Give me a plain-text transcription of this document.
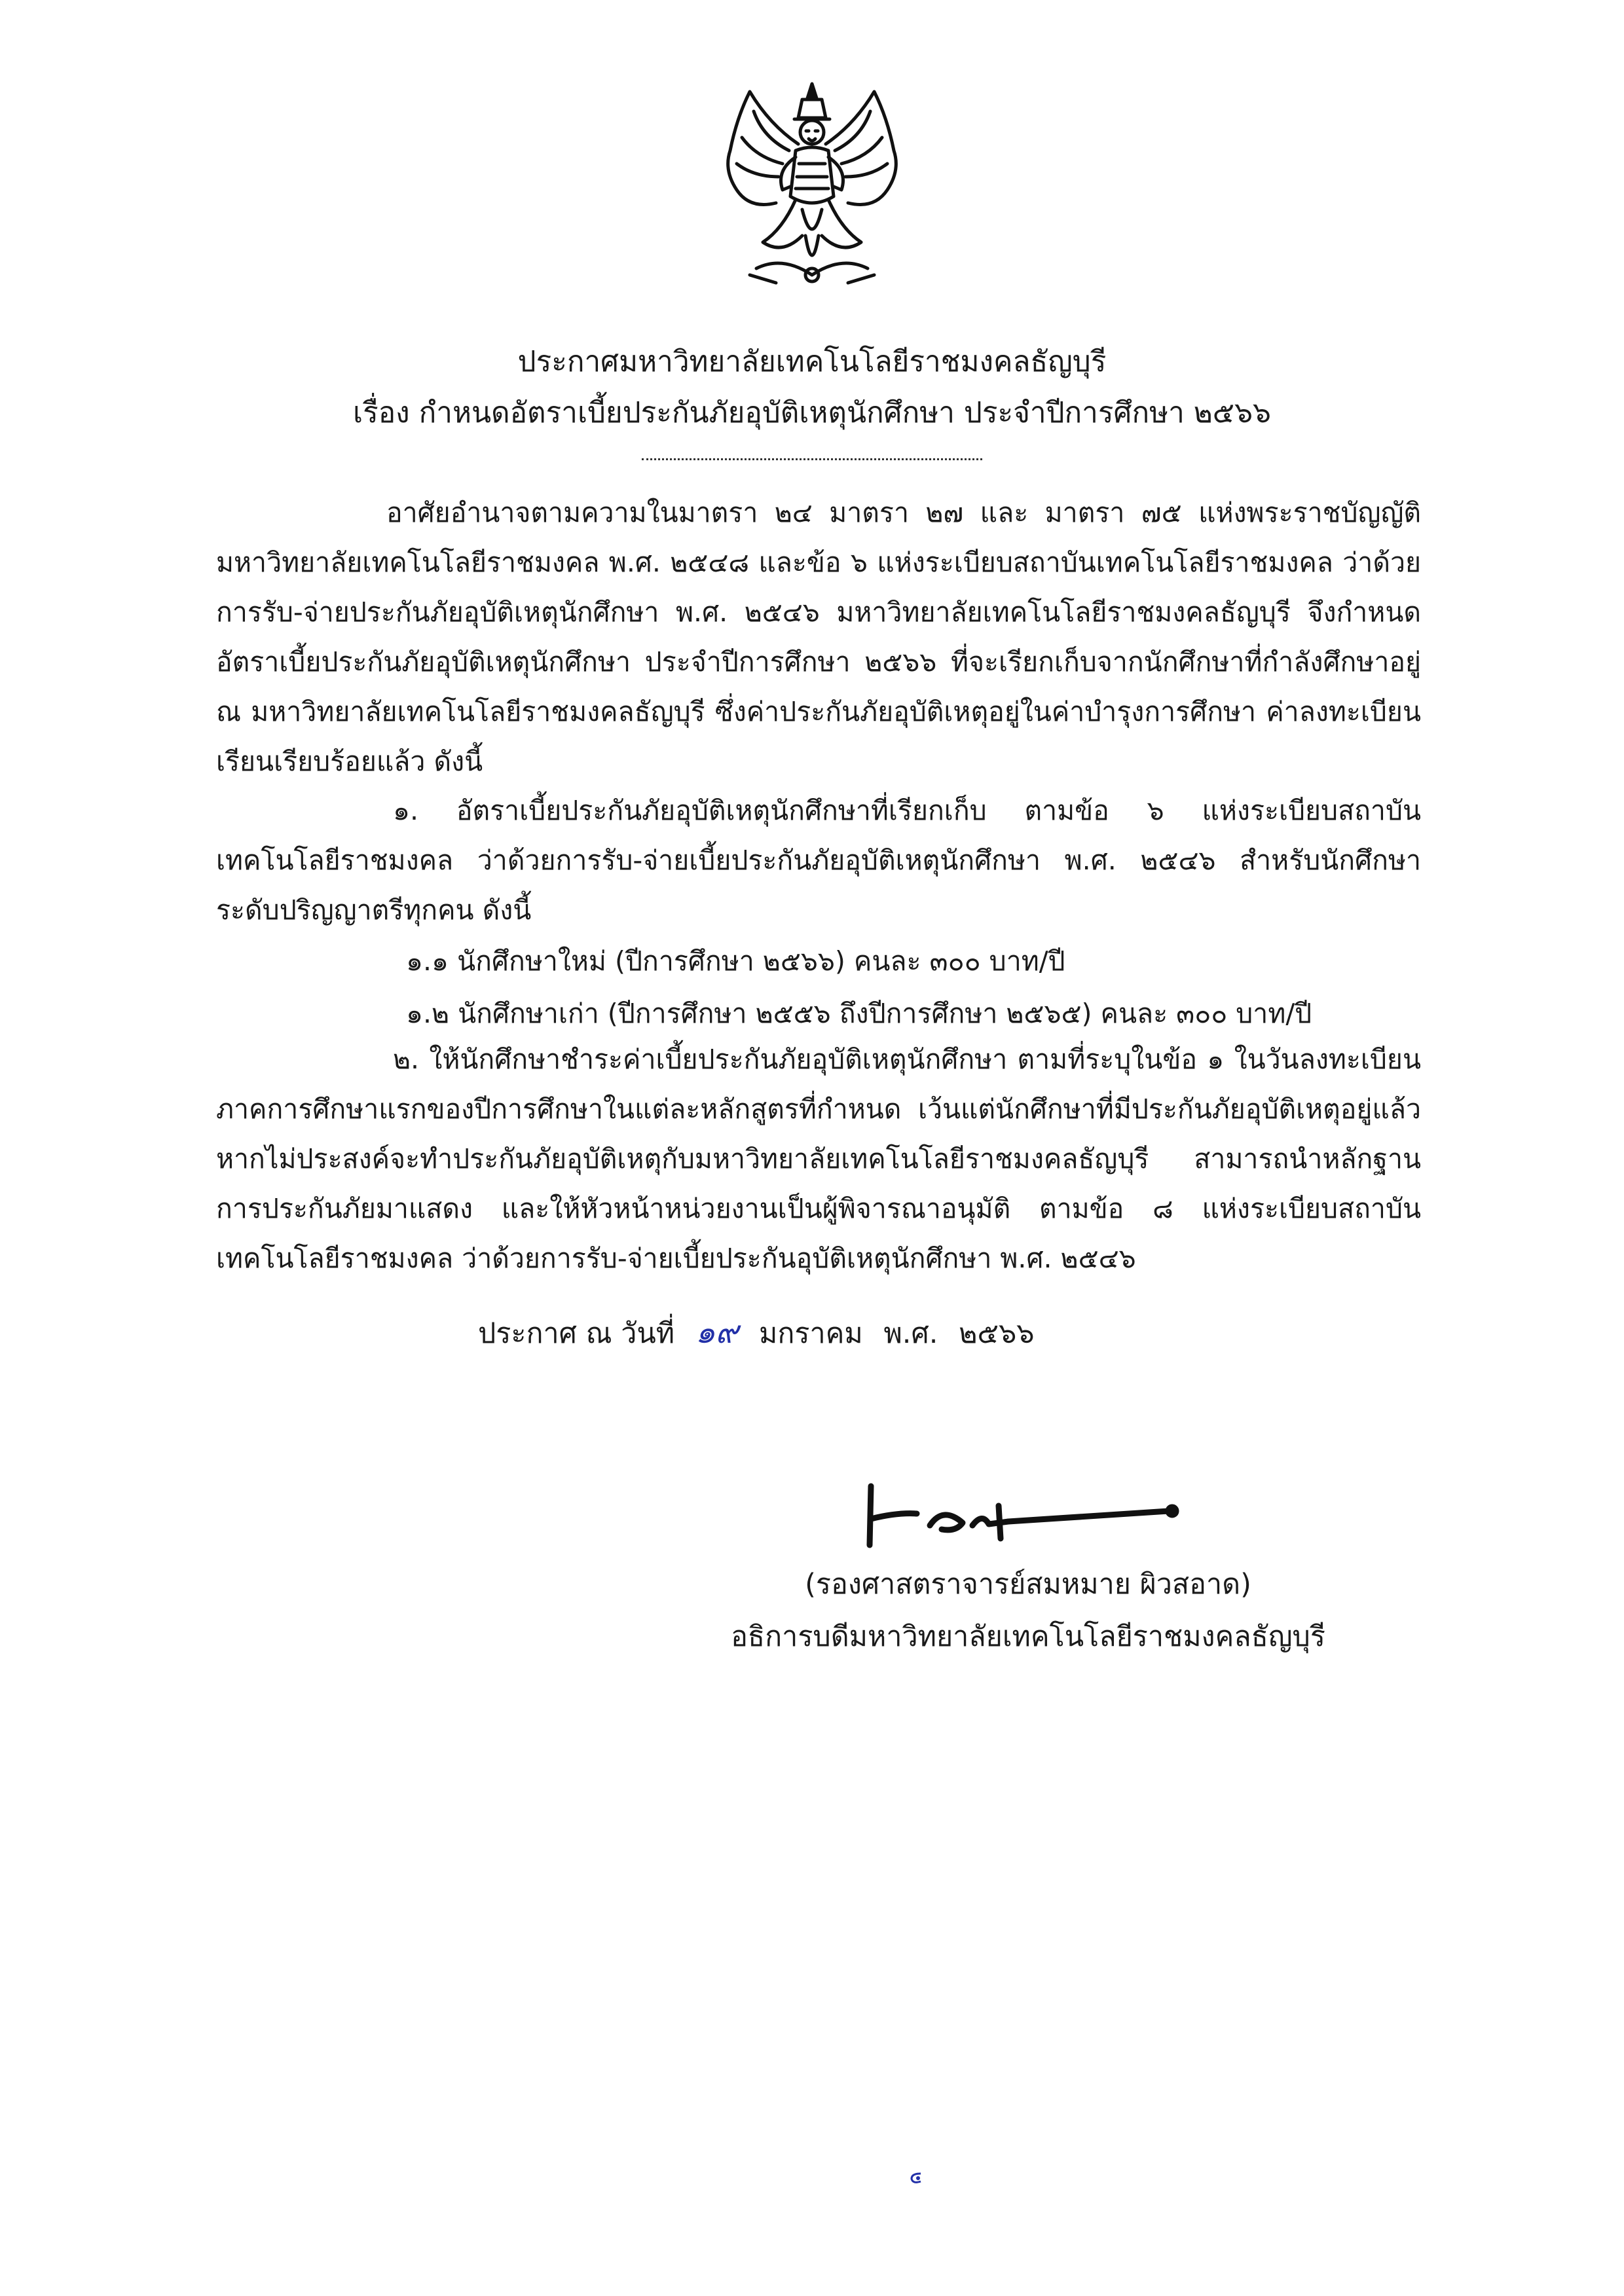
ประกาศมหาวิทยาลัยเทคโนโลยีราชมงคลธัญบุรี
เรื่อง กำหนดอัตราเบี้ยประกันภัยอุบัติเหตุนักศึกษา ประจำปีการศึกษา ๒๕๖๖
อาศัยอำนาจตามความในมาตรา ๒๔ มาตรา ๒๗ และ มาตรา ๗๕ แห่งพระราชบัญญัติมหาวิทยาลัยเทคโนโลยีราชมงคล พ.ศ. ๒๕๔๘ และข้อ ๖ แห่งระเบียบสถาบันเทคโนโลยีราชมงคล ว่าด้วยการรับ-จ่ายประกันภัยอุบัติเหตุนักศึกษา พ.ศ. ๒๕๔๖ มหาวิทยาลัยเทคโนโลยีราชมงคลธัญบุรี จึงกำหนดอัตราเบี้ยประกันภัยอุบัติเหตุนักศึกษา ประจำปีการศึกษา ๒๕๖๖ ที่จะเรียกเก็บจากนักศึกษาที่กำลังศึกษาอยู่ ณ มหาวิทยาลัยเทคโนโลยีราชมงคลธัญบุรี ซึ่งค่าประกันภัยอุบัติเหตุอยู่ในค่าบำรุงการศึกษา ค่าลงทะเบียนเรียนเรียบร้อยแล้ว ดังนี้
๑. อัตราเบี้ยประกันภัยอุบัติเหตุนักศึกษาที่เรียกเก็บ ตามข้อ ๖ แห่งระเบียบสถาบันเทคโนโลยีราชมงคล ว่าด้วยการรับ-จ่ายเบี้ยประกันภัยอุบัติเหตุนักศึกษา พ.ศ. ๒๕๔๖ สำหรับนักศึกษาระดับปริญญาตรีทุกคน ดังนี้
๑.๑ นักศึกษาใหม่ (ปีการศึกษา ๒๕๖๖) คนละ ๓๐๐ บาท/ปี
๑.๒ นักศึกษาเก่า (ปีการศึกษา ๒๕๕๖ ถึงปีการศึกษา ๒๕๖๕) คนละ ๓๐๐ บาท/ปี
๒. ให้นักศึกษาชำระค่าเบี้ยประกันภัยอุบัติเหตุนักศึกษา ตามที่ระบุในข้อ ๑ ในวันลงทะเบียนภาคการศึกษาแรกของปีการศึกษาในแต่ละหลักสูตรที่กำหนด เว้นแต่นักศึกษาที่มีประกันภัยอุบัติเหตุอยู่แล้ว หากไม่ประสงค์จะทำประกันภัยอุบัติเหตุกับมหาวิทยาลัยเทคโนโลยีราชมงคลธัญบุรี สามารถนำหลักฐานการประกันภัยมาแสดง และให้หัวหน้าหน่วยงานเป็นผู้พิจารณาอนุมัติ ตามข้อ ๘ แห่งระเบียบสถาบันเทคโนโลยีราชมงคล ว่าด้วยการรับ-จ่ายเบี้ยประกันอุบัติเหตุนักศึกษา พ.ศ. ๒๕๔๖
ประกาศ ณ วันที่ ๑๙ มกราคม พ.ศ. ๒๕๖๖
(รองศาสตราจารย์สมหมาย ผิวสอาด)
อธิการบดีมหาวิทยาลัยเทคโนโลยีราชมงคลธัญบุรี
